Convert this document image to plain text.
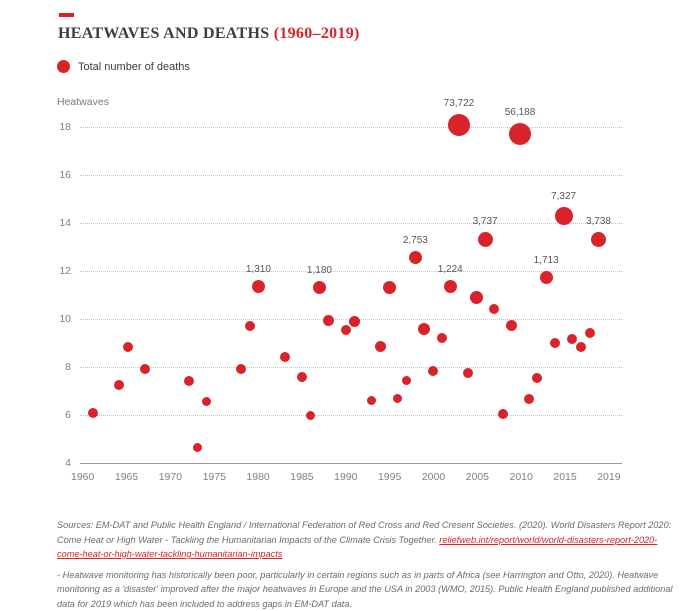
HEATWAVES AND DEATHS (1960–2019)
Total number of deaths
Heatwaves
18
16
14
12
10
8
6
4
1960	1965	1970	1975	1980	1985	1990	1995	2000	2005	2010	2015	2019
1,310	1,180
2,753
1,224
73,722
3,737
56,188
1,713
7,327
3,738

Sources: EM-DAT and Public Health England / International Federation of Red Cross and Red Cresent Societies. (2020). World Disasters Report 2020: Come Heat or High Water - Tackling the Humanitarian Impacts of the Climate Crisis Together. reliefweb.int/report/world/world-disasters-report-2020-come-heat-or-high-water-tackling-humanitarian-impacts

- Heatwave monitoring has historically been poor, particularly in certain regions such as in parts of Africa (see Harrington and Otto, 2020). Heatwave monitoring as a 'disaster' improved after the major heatwaves in Europe and the USA in 2003 (WMO, 2015). Public Health England published additional data for 2019 which has been included to address gaps in EM-DAT data.
